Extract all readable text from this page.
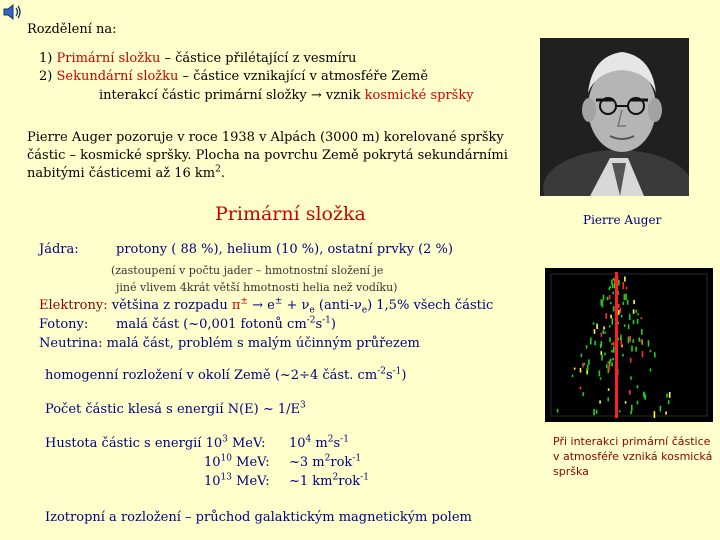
Rozdělení na:
1) Primární složku – částice přilétající z vesmíru
2) Sekundární složku – částice vznikající v atmosféře Země
interakcí částic primární složky → vznik kosmické spršky
Pierre Auger pozoruje v roce 1938 v Alpách (3000 m) korelované spršky
částic – kosmické spršky. Plocha na povrchu Země pokrytá sekundárními
nabitými částicemi až 16 $km^2$.
Pierre Auger
Primární složka
Jádra:	protony ( 88 %), helium (10 %), ostatní prvky (2 %)
(zastoupení v počtu jader – hmotnostní složení je
jiné vlivem 4krát větší hmotnosti helia než vodíku)
Elektrony: většina z rozpadu $\pi^\pm \to e^\pm + \nu_e$ $(anti-\nu_e)$ 1,5% všech částic
Fotony: malá část (~0,001 fotonů $cm^{-2}s^{-1}$)
Neutrina: malá část, problém s malým účinným průřezem
homogenní rozložení v okolí Země (~2÷4 část. $cm^{-2}s^{-1}$)
Počet částic klesá s energií N(E) ~ $1/E^3$
Hustota částic s energií $10^3$ MeV: $10^4$ $m^2s^{-1}$
$10^{10}$ MeV: ~3 $m^2rok^{-1}$
$10^{13}$ MeV: ~1 $km^2rok^{-1}$
Při interakci primární částice v atmosféře vzniká kosmická sprška
Izotropní a rozložení – průchod galaktickým magnetickým polem
